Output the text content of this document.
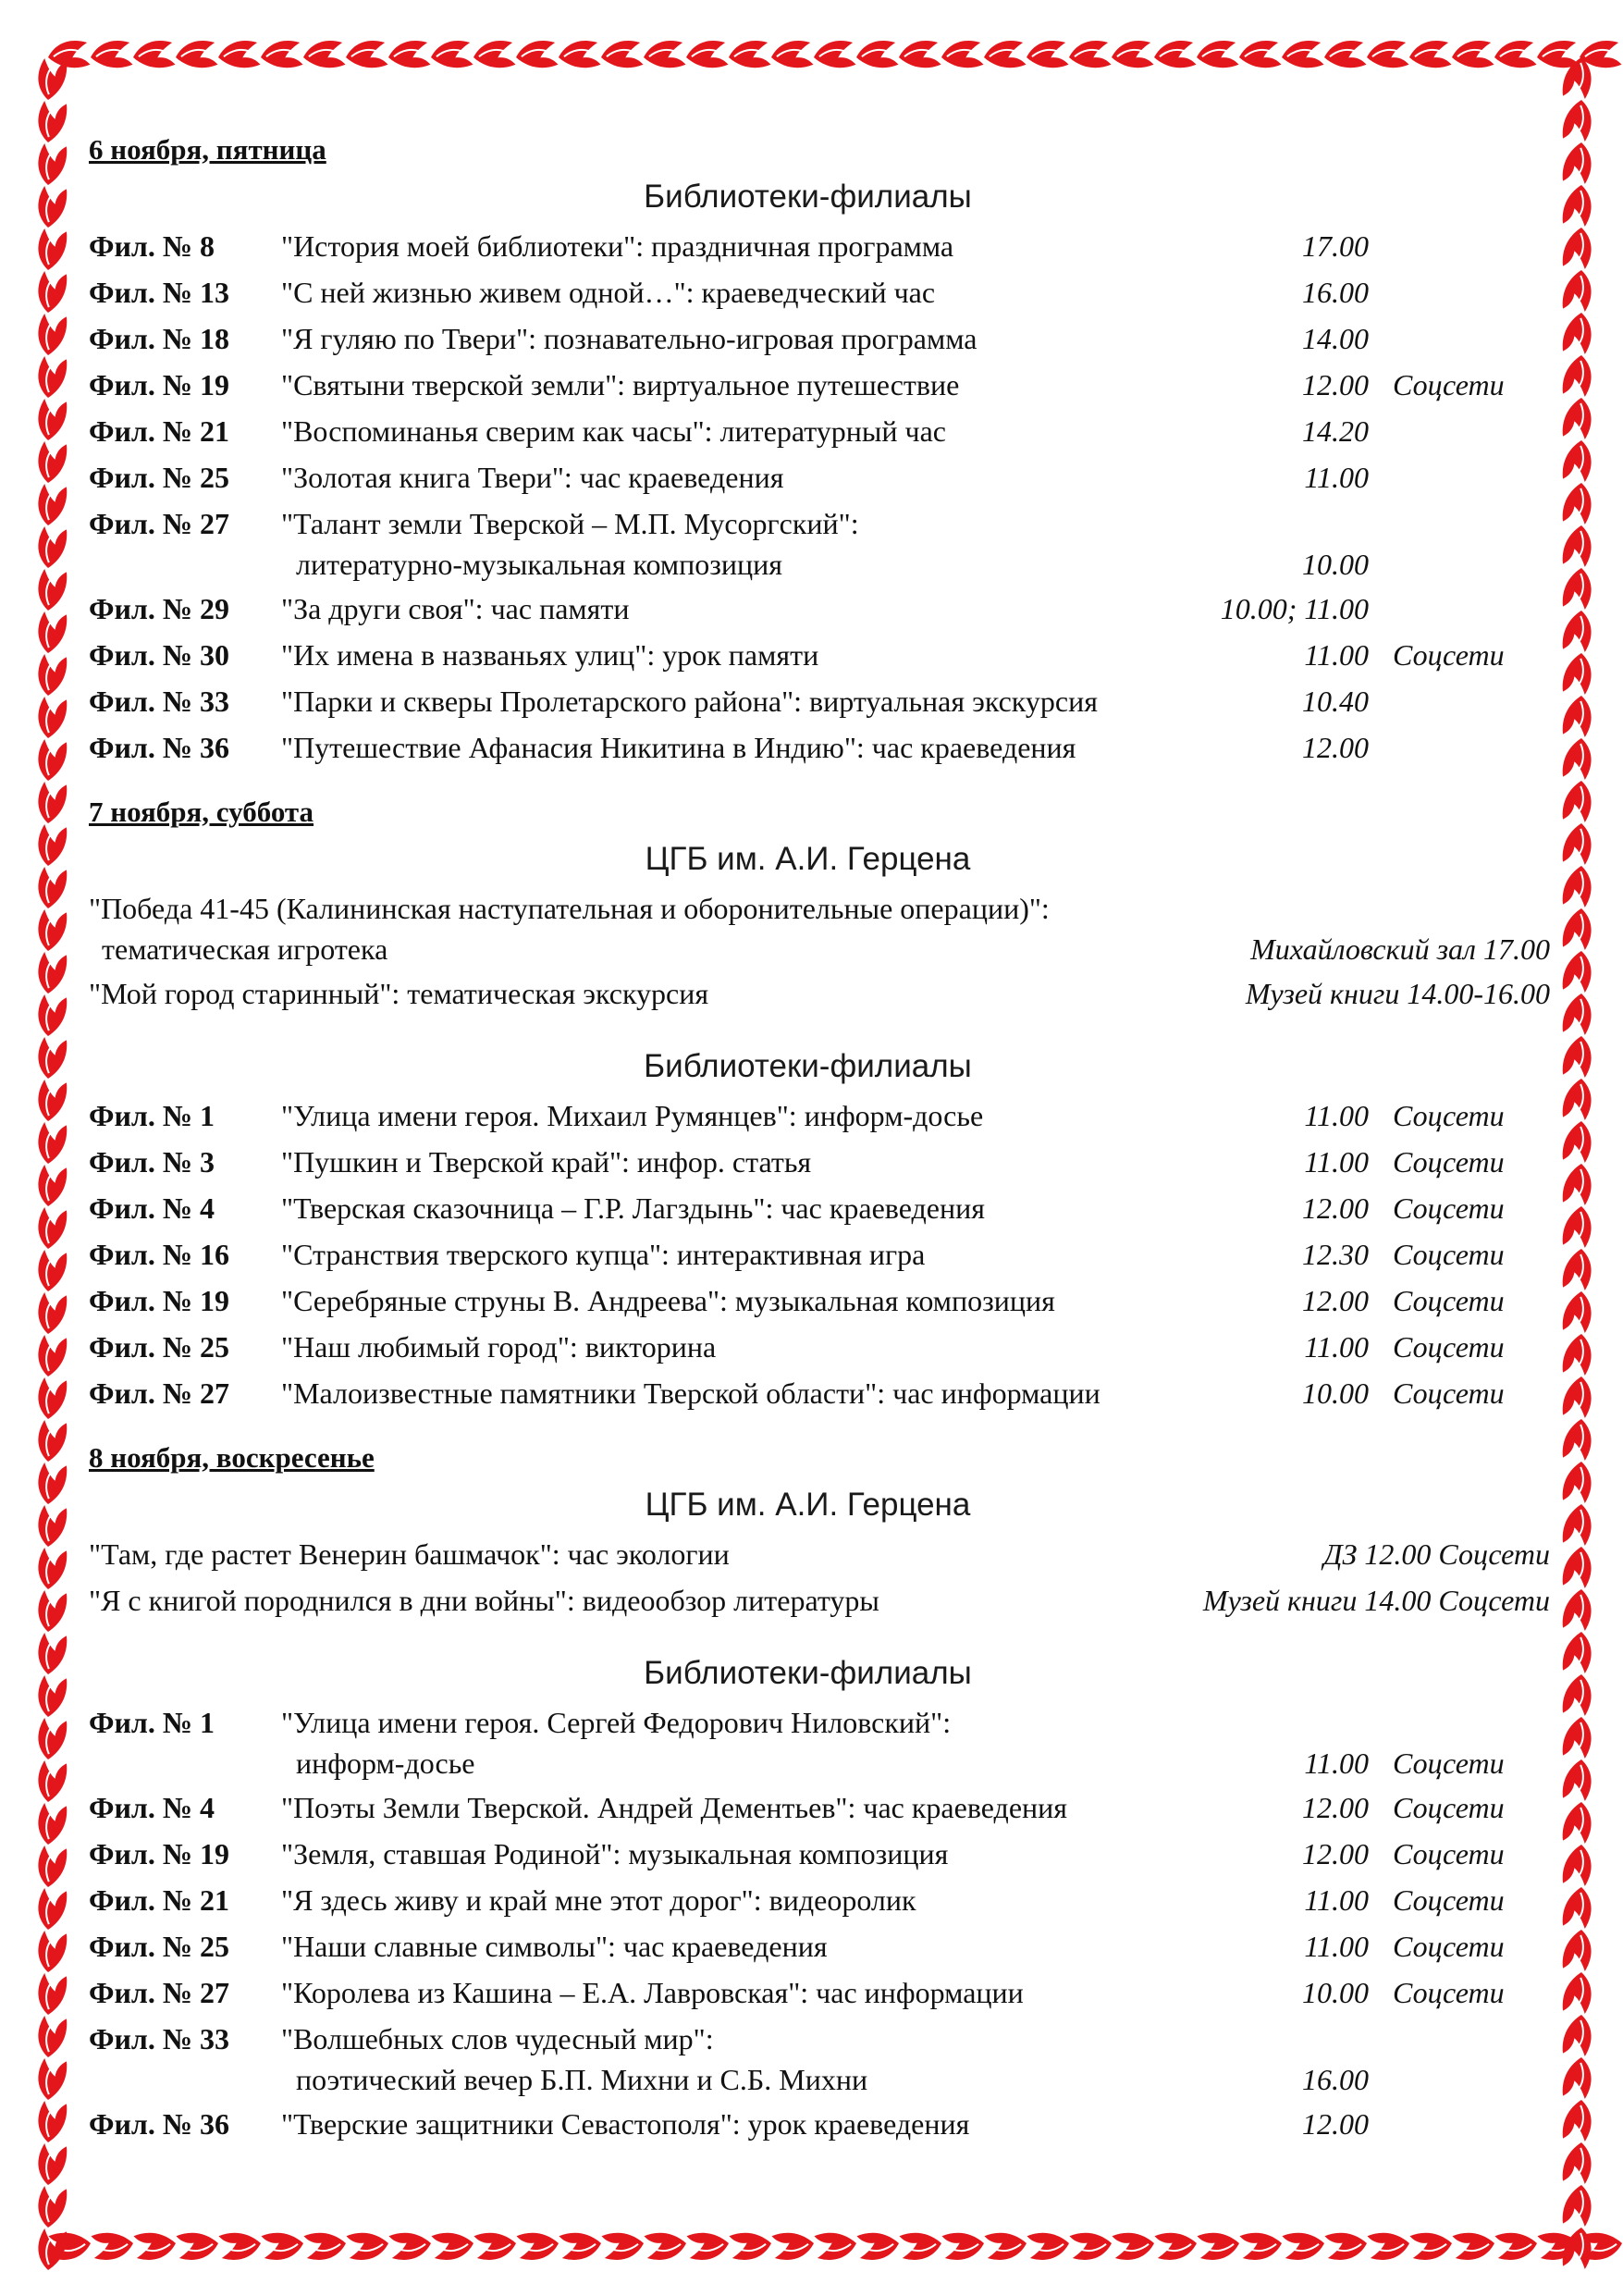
6 ноября, пятница
Библиотеки-филиалы
Фил. № 8 "История моей библиотеки": праздничная программа	17.00
Фил. № 13 "С ней жизнью живем одной…": краеведческий час	16.00
Фил. № 18 "Я гуляю по Твери": познавательно-игровая программа	14.00
Фил. № 19 "Святыни тверской земли": виртуальное путешествие	12.00 Соцсети
Фил. № 21 "Воспоминанья сверим как часы": литературный час	14.20
Фил. № 25 "Золотая книга Твери": час краеведения	11.00
Фил. № 27 "Талант земли Тверской – М.П. Мусоргский":
литературно-музыкальная композиция	10.00
Фил. № 29 "За други своя": час памяти	10.00; 11.00
Фил. № 30 "Их имена в названьях улиц": урок памяти	11.00 Соцсети
Фил. № 33 "Парки и скверы Пролетарского района": виртуальная экскурсия	10.40
Фил. № 36 "Путешествие Афанасия Никитина в Индию": час краеведения	12.00
7 ноября, суббота
ЦГБ им. А.И. Герцена
"Победа 41-45 (Калининская наступательная и оборонительные операции)":
тематическая игротека	Михайловский зал 17.00
"Мой город старинный": тематическая экскурсия	Музей книги 14.00-16.00
Библиотеки-филиалы
Фил. № 1 "Улица имени героя. Михаил Румянцев": информ-досье	11.00 Соцсети
Фил. № 3 "Пушкин и Тверской край": инфор. статья	11.00 Соцсети
Фил. № 4 "Тверская сказочница – Г.Р. Лагздынь": час краеведения	12.00 Соцсети
Фил. № 16 "Странствия тверского купца": интерактивная игра	12.30 Соцсети
Фил. № 19 "Серебряные струны В. Андреева": музыкальная композиция	12.00 Соцсети
Фил. № 25 "Наш любимый город": викторина	11.00 Соцсети
Фил. № 27 "Малоизвестные памятники Тверской области": час информации	10.00 Соцсети
8 ноября, воскресенье
ЦГБ им. А.И. Герцена
"Там, где растет Венерин башмачок": час экологии	ДЗ 12.00 Соцсети
"Я с книгой породнился в дни войны": видеообзор литературы	Музей книги 14.00 Соцсети
Библиотеки-филиалы
Фил. № 1 "Улица имени героя. Сергей Федорович Ниловский":
информ-досье	11.00 Соцсети
Фил. № 4 "Поэты Земли Тверской. Андрей Дементьев": час краеведения	12.00 Соцсети
Фил. № 19 "Земля, ставшая Родиной": музыкальная композиция	12.00 Соцсети
Фил. № 21 "Я здесь живу и край мне этот дорог": видеоролик	11.00 Соцсети
Фил. № 25 "Наши славные символы": час краеведения	11.00 Соцсети
Фил. № 27 "Королева из Кашина – Е.А. Лавровская": час информации	10.00 Соцсети
Фил. № 33 "Волшебных слов чудесный мир":
поэтический вечер Б.П. Михни и С.Б. Михни	16.00
Фил. № 36 "Тверские защитники Севастополя": урок краеведения	12.00
